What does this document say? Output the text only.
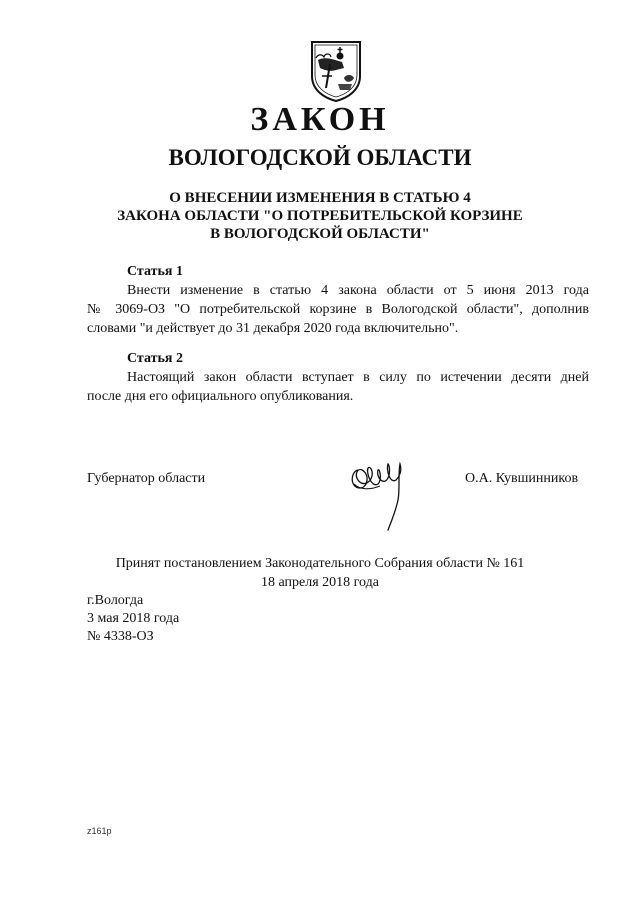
ЗАКОН
ВОЛОГОДСКОЙ ОБЛАСТИ
О ВНЕСЕНИИ ИЗМЕНЕНИЯ В СТАТЬЮ 4
ЗАКОНА ОБЛАСТИ "О ПОТРЕБИТЕЛЬСКОЙ КОРЗИНЕ
В ВОЛОГОДСКОЙ ОБЛАСТИ"
Статья 1
Внести изменение в статью 4 закона области от 5 июня 2013 года
№ 3069-ОЗ "О потребительской корзине в Вологодской области", дополнив
словами "и действует до 31 декабря 2020 года включительно".
Статья 2
Настоящий закон области вступает в силу по истечении десяти дней
после дня его официального опубликования.
Губернатор области	О.А. Кувшинников
Принят постановлением Законодательного Собрания области № 161
18 апреля 2018 года
г.Вологда
3 мая 2018 года
№ 4338-ОЗ
z161p
